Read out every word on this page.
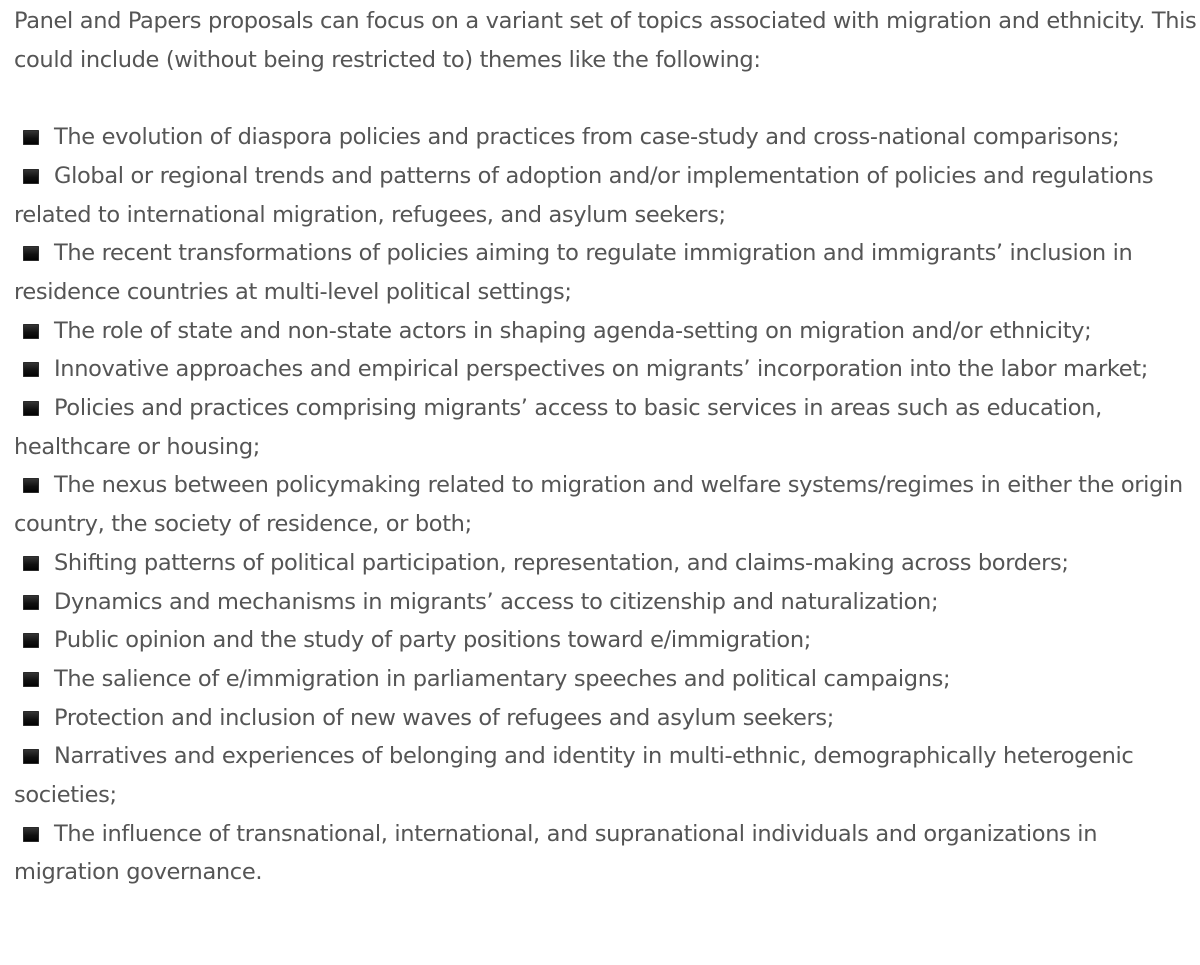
Panel and Papers proposals can focus on a variant set of topics associated with migration and ethnicity. This could include (without being restricted to) themes like the following:

The evolution of diaspora policies and practices from case-study and cross-national comparisons;
Global or regional trends and patterns of adoption and/or implementation of policies and regulations related to international migration, refugees, and asylum seekers;
The recent transformations of policies aiming to regulate immigration and immigrants’ inclusion in residence countries at multi-level political settings;
The role of state and non-state actors in shaping agenda-setting on migration and/or ethnicity;
Innovative approaches and empirical perspectives on migrants’ incorporation into the labor market;
Policies and practices comprising migrants’ access to basic services in areas such as education, healthcare or housing;
The nexus between policymaking related to migration and welfare systems/regimes in either the origin country, the society of residence, or both;
Shifting patterns of political participation, representation, and claims-making across borders;
Dynamics and mechanisms in migrants’ access to citizenship and naturalization;
Public opinion and the study of party positions toward e/immigration;
The salience of e/immigration in parliamentary speeches and political campaigns;
Protection and inclusion of new waves of refugees and asylum seekers;
Narratives and experiences of belonging and identity in multi-ethnic, demographically heterogenic societies;
The influence of transnational, international, and supranational individuals and organizations in migration governance.
